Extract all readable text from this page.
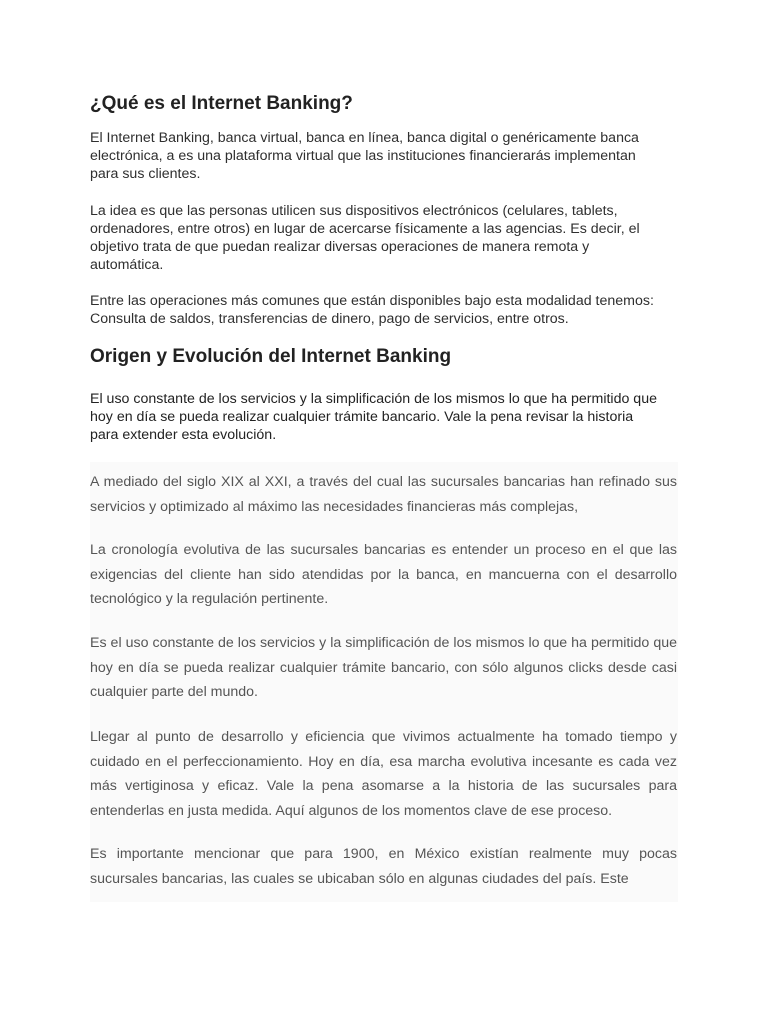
¿Qué es el Internet Banking?

El Internet Banking, banca virtual, banca en línea, banca digital o genéricamente banca electrónica, a es una plataforma virtual que las instituciones financierarás implementan para sus clientes.

La idea es que las personas utilicen sus dispositivos electrónicos (celulares, tablets, ordenadores, entre otros) en lugar de acercarse físicamente a las agencias. Es decir, el objetivo trata de que puedan realizar diversas operaciones de manera remota y automática.

Entre las operaciones más comunes que están disponibles bajo esta modalidad tenemos: Consulta de saldos, transferencias de dinero, pago de servicios, entre otros.

Origen y Evolución del Internet Banking

El uso constante de los servicios y la simplificación de los mismos lo que ha permitido que hoy en día se pueda realizar cualquier trámite bancario. Vale la pena revisar la historia para extender esta evolución.

A mediado del siglo XIX al XXI, a través del cual las sucursales bancarias han refinado sus servicios y optimizado al máximo las necesidades financieras más complejas,

La cronología evolutiva de las sucursales bancarias es entender un proceso en el que las exigencias del cliente han sido atendidas por la banca, en mancuerna con el desarrollo tecnológico y la regulación pertinente.

Es el uso constante de los servicios y la simplificación de los mismos lo que ha permitido que hoy en día se pueda realizar cualquier trámite bancario, con sólo algunos clicks desde casi cualquier parte del mundo.

Llegar al punto de desarrollo y eficiencia que vivimos actualmente ha tomado tiempo y cuidado en el perfeccionamiento. Hoy en día, esa marcha evolutiva incesante es cada vez más vertiginosa y eficaz. Vale la pena asomarse a la historia de las sucursales para entenderlas en justa medida. Aquí algunos de los momentos clave de ese proceso.

Es importante mencionar que para 1900, en México existían realmente muy pocas sucursales bancarias, las cuales se ubicaban sólo en algunas ciudades del país. Este
